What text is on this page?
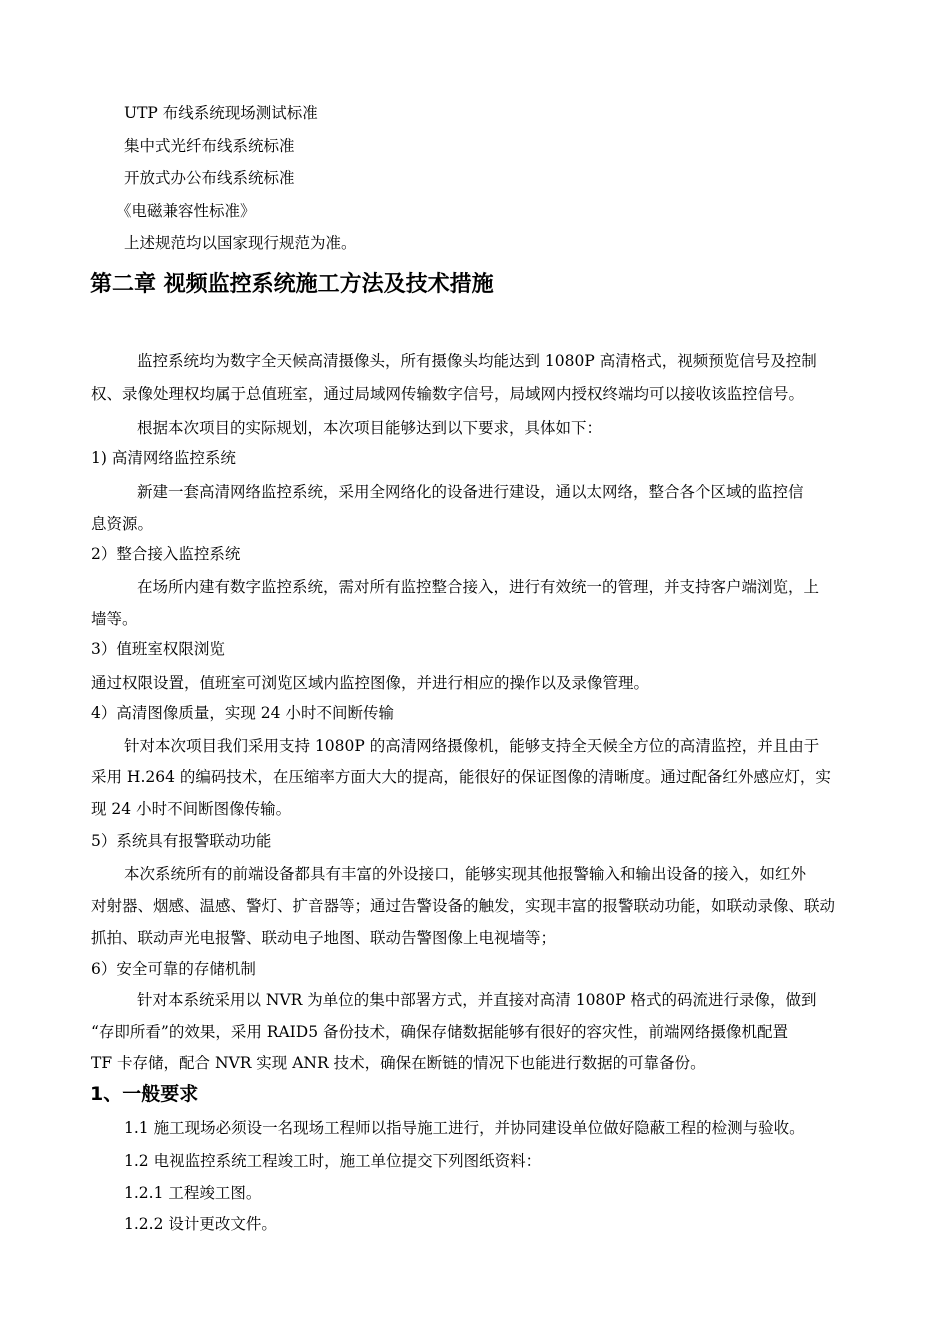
UTP 布线系统现场测试标准

集中式光纤布线系统标准

开放式办公布线系统标准

《电磁兼容性标准》

上述规范均以国家现行规范为准。

第二章 视频监控系统施工方法及技术措施

监控系统均为数字全天候高清摄像头，所有摄像头均能达到 1080P 高清格式，视频预览信号及控制

权、录像处理权均属于总值班室，通过局域网传输数字信号，局域网内授权终端均可以接收该监控信号。

根据本次项目的实际规划，本次项目能够达到以下要求，具体如下：

1) 高清网络监控系统

新建一套高清网络监控系统，采用全网络化的设备进行建设，通以太网络，整合各个区域的监控信

息资源。

2）整合接入监控系统

在场所内建有数字监控系统，需对所有监控整合接入，进行有效统一的管理，并支持客户端浏览，上

墙等。

3）值班室权限浏览

通过权限设置，值班室可浏览区域内监控图像，并进行相应的操作以及录像管理。

4）高清图像质量，实现 24 小时不间断传输

针对本次项目我们采用支持 1080P 的高清网络摄像机，能够支持全天候全方位的高清监控，并且由于

采用 H.264 的编码技术，在压缩率方面大大的提高，能很好的保证图像的清晰度。通过配备红外感应灯，实

现 24 小时不间断图像传输。

5）系统具有报警联动功能

本次系统所有的前端设备都具有丰富的外设接口，能够实现其他报警输入和输出设备的接入，如红外

对射器、烟感、温感、警灯、扩音器等；通过告警设备的触发，实现丰富的报警联动功能，如联动录像、联动

抓拍、联动声光电报警、联动电子地图、联动告警图像上电视墙等；

6）安全可靠的存储机制

针对本系统采用以 NVR 为单位的集中部署方式，并直接对高清 1080P 格式的码流进行录像，做到

“存即所看”的效果，采用 RAID5 备份技术，确保存储数据能够有很好的容灾性，前端网络摄像机配置

TF 卡存储，配合 NVR 实现 ANR 技术，确保在断链的情况下也能进行数据的可靠备份。

1、一般要求

1.1 施工现场必须设一名现场工程师以指导施工进行，并协同建设单位做好隐蔽工程的检测与验收。

1.2 电视监控系统工程竣工时，施工单位提交下列图纸资料：

1.2.1 工程竣工图。

1.2.2 设计更改文件。
